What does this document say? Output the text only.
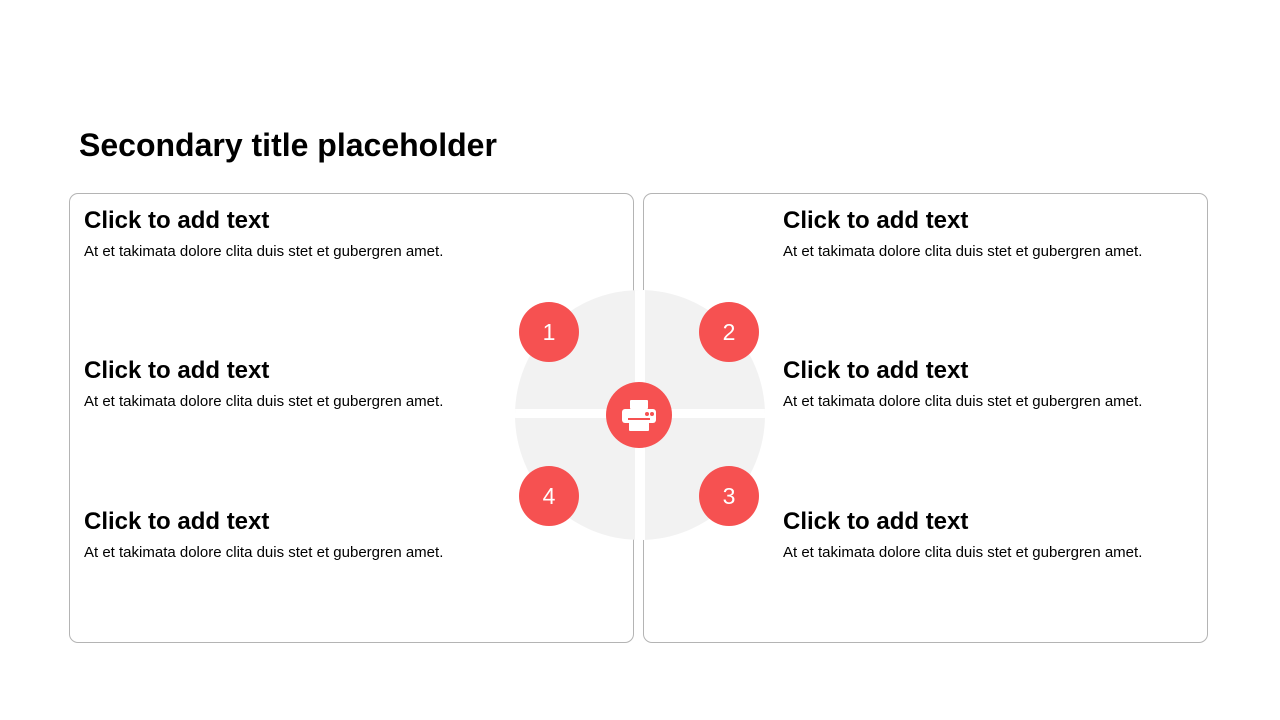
Secondary title placeholder

Click to add text

At et takimata dolore clita duis stet et gubergren amet.

Click to add text

At et takimata dolore clita duis stet et gubergren amet.

Click to add text

At et takimata dolore clita duis stet et gubergren amet.

Click to add text

At et takimata dolore clita duis stet et gubergren amet.

Click to add text

At et takimata dolore clita duis stet et gubergren amet.

Click to add text

At et takimata dolore clita duis stet et gubergren amet.

1	2
3
4
